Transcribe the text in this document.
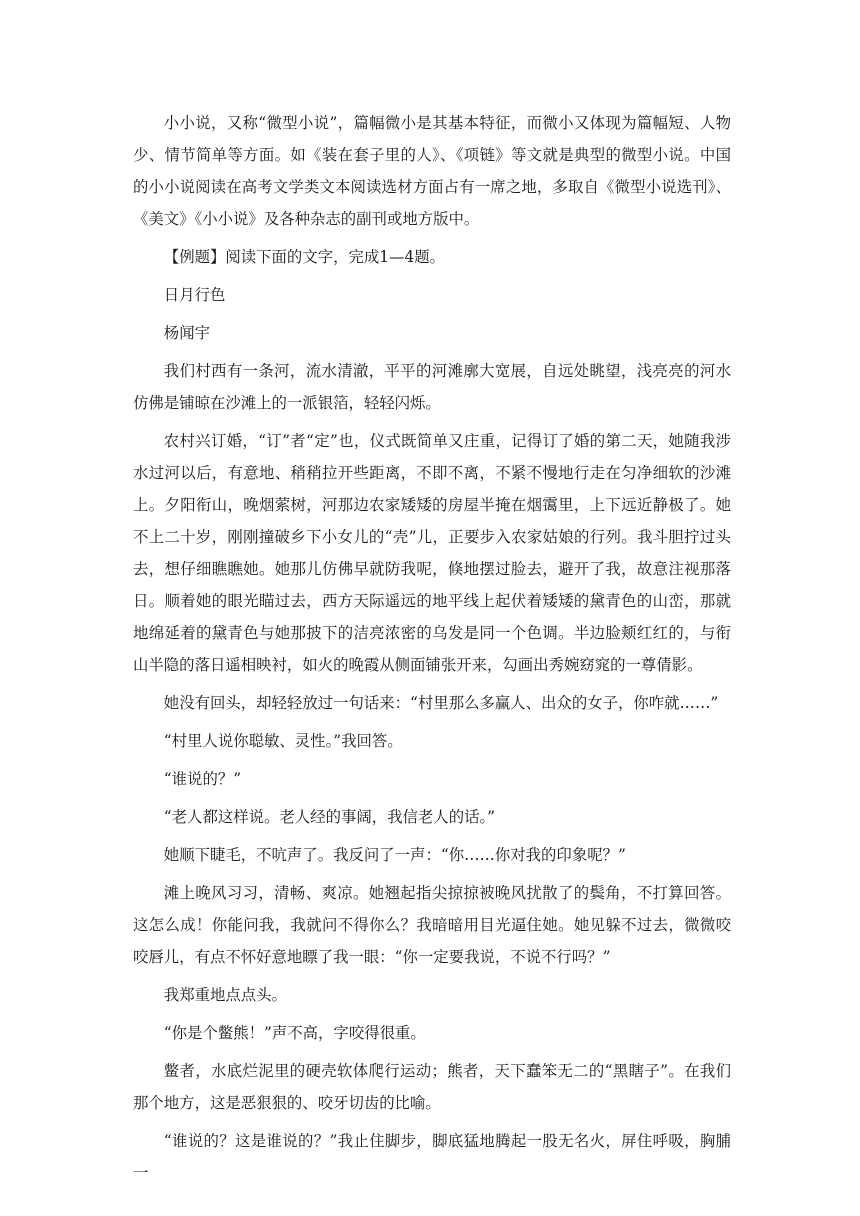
小小说，又称“微型小说”，篇幅微小是其基本特征，而微小又体现为篇幅短、人物少、情节简单等方面。如《装在套子里的人》、《项链》等文就是典型的微型小说。中国的小小说阅读在高考文学类文本阅读选材方面占有一席之地，多取自《微型小说选刊》、《美文》《小小说》及各种杂志的副刊或地方版中。

【例题】阅读下面的文字，完成1—4题。

日月行色

杨闻宇

我们村西有一条河，流水清澈，平平的河滩廓大宽展，自远处眺望，浅亮亮的河水仿佛是铺晾在沙滩上的一派银箔，轻轻闪烁。

农村兴订婚，“订”者“定”也，仪式既简单又庄重，记得订了婚的第二天，她随我涉水过河以后，有意地、稍稍拉开些距离，不即不离，不紧不慢地行走在匀净细软的沙滩上。夕阳衔山，晚烟萦树，河那边农家矮矮的房屋半掩在烟霭里，上下远近静极了。她不上二十岁，刚刚撞破乡下小女儿的“壳”儿，正要步入农家姑娘的行列。我斗胆拧过头去，想仔细瞧瞧她。她那儿仿佛早就防我呢，倏地摆过脸去，避开了我，故意注视那落日。顺着她的眼光瞄过去，西方天际遥远的地平线上起伏着矮矮的黛青色的山峦，那就地绵延着的黛青色与她那披下的洁亮浓密的乌发是同一个色调。半边脸颊红红的，与衔山半隐的落日遥相映衬，如火的晚霞从侧面铺张开来，勾画出秀婉窈窕的一尊倩影。

她没有回头，却轻轻放过一句话来：“村里那么多赢人、出众的女子，你咋就……”

“村里人说你聪敏、灵性。”我回答。

“谁说的？”

“老人都这样说。老人经的事阔，我信老人的话。”

她顺下睫毛，不吭声了。我反问了一声：“你……你对我的印象呢？”

滩上晚风习习，清畅、爽凉。她翘起指尖掠掠被晚风扰散了的鬓角，不打算回答。这怎么成！你能问我，我就问不得你么？我暗暗用目光逼住她。她见躲不过去，微微咬咬唇儿，有点不怀好意地瞟了我一眼：“你一定要我说，不说不行吗？”

我郑重地点点头。

“你是个鳖熊！”声不高，字咬得很重。

鳖者，水底烂泥里的硬壳软体爬行运动；熊者，天下蠢笨无二的“黑瞎子”。在我们那个地方，这是恶狠狠的、咬牙切齿的比喻。

“谁说的？这是谁说的？”我止住脚步，脚底猛地腾起一股无名火，屏住呼吸，胸脯一
